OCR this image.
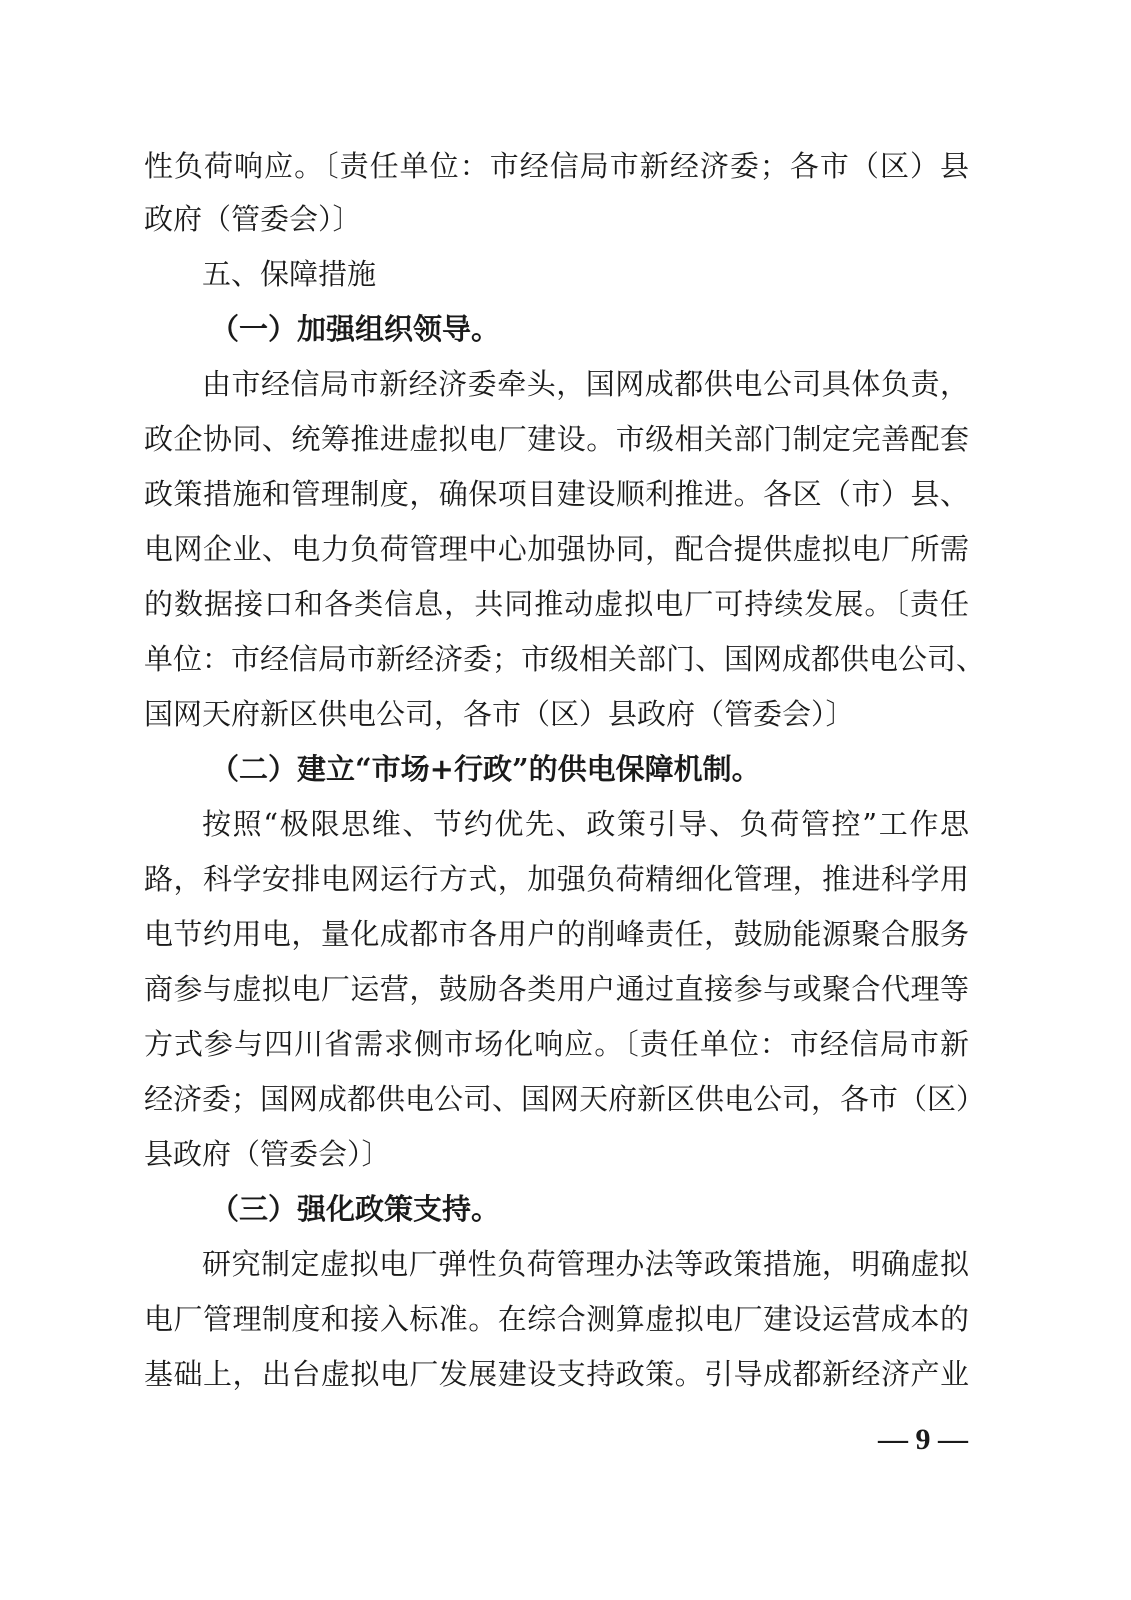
性负荷响应。〔责任单位：市经信局市新经济委；各市（区）县
政府（管委会）〕
五、保障措施
（一）加强组织领导。
由市经信局市新经济委牵头，国网成都供电公司具体负责，
政企协同、统筹推进虚拟电厂建设。市级相关部门制定完善配套
政策措施和管理制度，确保项目建设顺利推进。各区（市）县、
电网企业、电力负荷管理中心加强协同，配合提供虚拟电厂所需
的数据接口和各类信息，共同推动虚拟电厂可持续发展。〔责任
单位：市经信局市新经济委；市级相关部门、国网成都供电公司、
国网天府新区供电公司，各市（区）县政府（管委会）〕
（二）建立“市场+行政”的供电保障机制。
按照“极限思维、节约优先、政策引导、负荷管控”工作思
路，科学安排电网运行方式，加强负荷精细化管理，推进科学用
电节约用电，量化成都市各用户的削峰责任，鼓励能源聚合服务
商参与虚拟电厂运营，鼓励各类用户通过直接参与或聚合代理等
方式参与四川省需求侧市场化响应。〔责任单位：市经信局市新
经济委；国网成都供电公司、国网天府新区供电公司，各市（区）
县政府（管委会）〕
（三）强化政策支持。
研究制定虚拟电厂弹性负荷管理办法等政策措施，明确虚拟
电厂管理制度和接入标准。在综合测算虚拟电厂建设运营成本的
基础上，出台虚拟电厂发展建设支持政策。引导成都新经济产业
— 9 —
